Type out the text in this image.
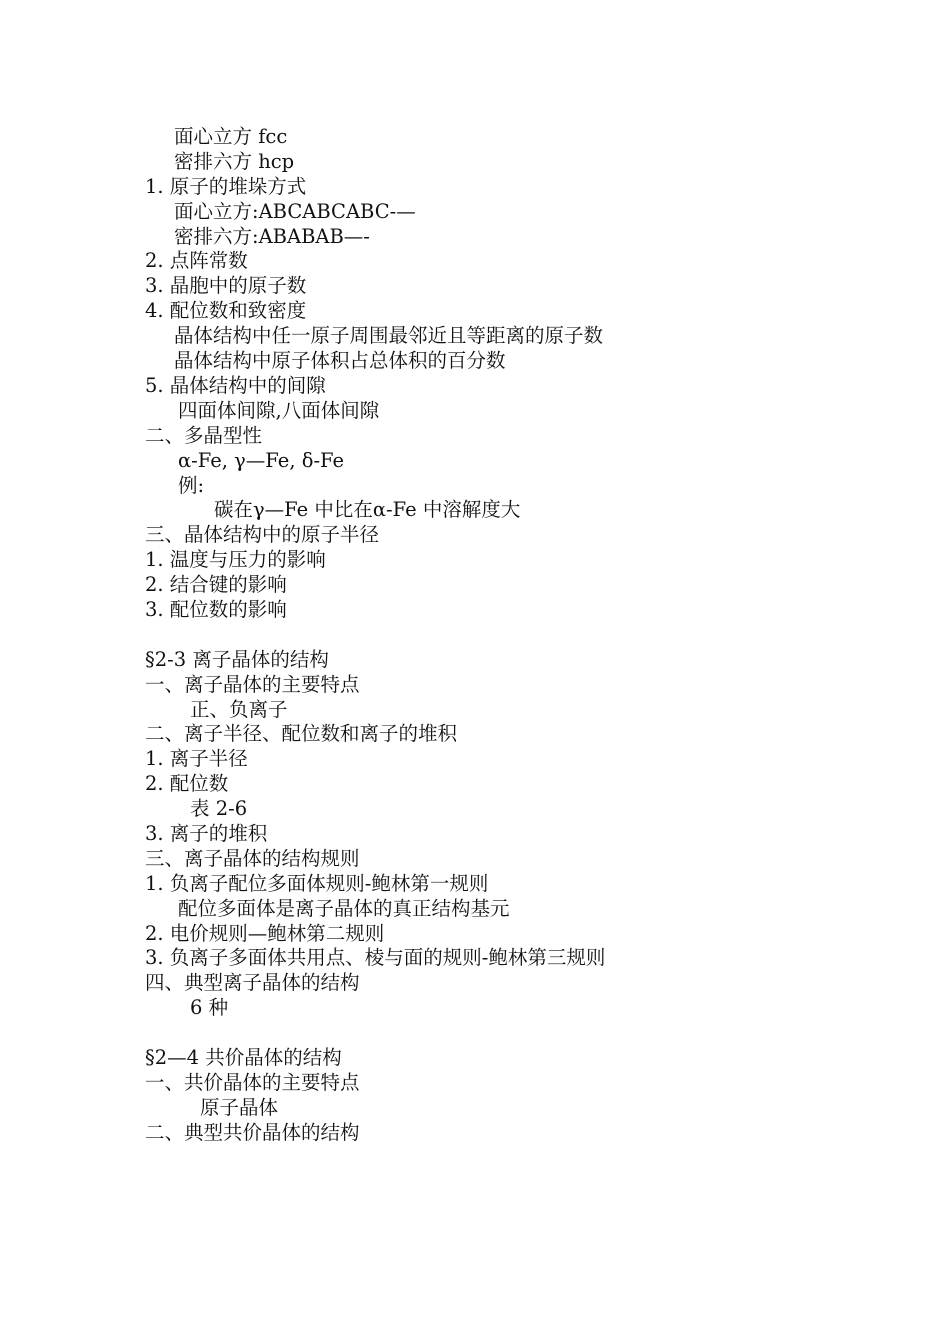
面心立方 fcc
密排六方 hcp
1. 原子的堆垛方式
面心立方:ABCABCABC-—
密排六方:ABABAB—-
2. 点阵常数
3. 晶胞中的原子数
4. 配位数和致密度
晶体结构中任一原子周围最邻近且等距离的原子数
晶体结构中原子体积占总体积的百分数
5. 晶体结构中的间隙
四面体间隙,八面体间隙
二、多晶型性
α-Fe, γ—Fe, δ-Fe
例:
碳在γ—Fe 中比在α-Fe 中溶解度大
三、晶体结构中的原子半径
1. 温度与压力的影响
2. 结合键的影响
3. 配位数的影响
§2-3 离子晶体的结构
一、离子晶体的主要特点
正、负离子
二、离子半径、配位数和离子的堆积
1. 离子半径
2. 配位数
表 2-6
3. 离子的堆积
三、离子晶体的结构规则
1. 负离子配位多面体规则-鲍林第一规则
配位多面体是离子晶体的真正结构基元
2. 电价规则—鲍林第二规则
3. 负离子多面体共用点、棱与面的规则-鲍林第三规则
四、典型离子晶体的结构
6 种
§2—4 共价晶体的结构
一、共价晶体的主要特点
原子晶体
二、典型共价晶体的结构
